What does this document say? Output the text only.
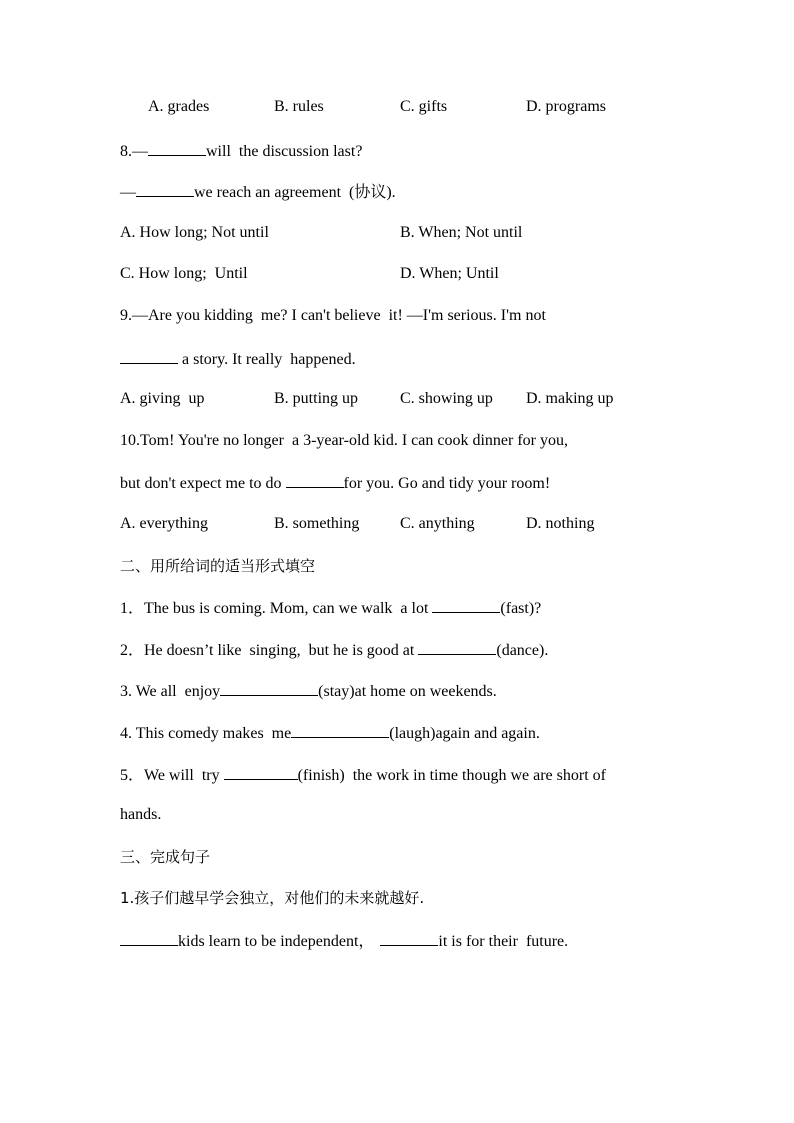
A. grades	B. rules	C. gifts	D. programs
8.—	will  the discussion last?
—	we reach an agreement  (协议).
A. How long; Not until	B. When; Not until
C. How long;  Until	D. When; Until
9.—Are you kidding  me? I can't believe  it! —I'm serious. I'm not
a story. It really  happened.
A. giving  up	B. putting up	C. showing up D. making up
10.Tom! You're no longer  a 3-year-old kid. I can cook dinner for you,
but don't expect me to do	for you. Go and tidy your room!
A. everything	B. something	C. anything	D. nothing
二、用所给词的适当形式填空
1．The bus is coming. Mom, can we walk  a lot	(fast)?
2．He doesn’t like  singing,  but he is good at	(dance).
3. We all  enjoy	(stay)at home on weekends.
4. This comedy makes  me	(laugh)again and again.
5．We will  try	(finish)  the work in time though we are short of
hands.
三、完成句子
1.孩子们越早学会独立，对他们的未来就越好.
kids learn to be independent，	it is for their  future.
